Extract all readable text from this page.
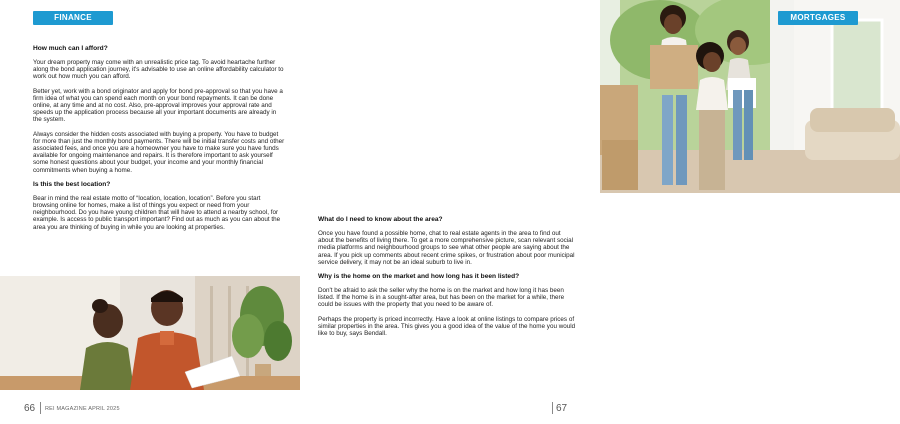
FINANCE
How much can I afford?

Your dream property may come with an unrealistic price tag. To avoid heartache further along the bond application journey, it's advisable to use an online affordability calculator to work out how much you can afford.

Better yet, work with a bond originator and apply for bond pre-approval so that you have a firm idea of what you can spend each month on your bond repayments. It can be done online, at any time and at no cost. Also, pre-approval improves your approval rate and speeds up the application process because all your important documents are already in the system.

Always consider the hidden costs associated with buying a property. You have to budget for more than just the monthly bond payments. There will be initial transfer costs and other associated fees, and once you are a homeowner you have to make sure you have funds available for ongoing maintenance and repairs. It is therefore important to ask yourself some honest questions about your budget, your income and your monthly financial commitments when buying a home.

Is this the best location?

Bear in mind the real estate motto of “location, location, location”. Before you start browsing online for homes, make a list of things you expect or need from your neighbourhood. Do you have young children that will have to attend a nearby school, for example. Is access to public transport important? Find out as much as you can about the area you are thinking of buying in while you are looking at properties.

66 REI MAGAZINE APRIL 2025
MORTGAGES
What do I need to know about the area?

Once you have found a possible home, chat to real estate agents in the area to find out about the benefits of living there. To get a more comprehensive picture, scan relevant social media platforms and neighbourhood groups to see what other people are saying about the area. If you pick up comments about recent crime spikes, or frustration about poor municipal service delivery, it may not be an ideal suburb to live in.

Why is the home on the market and how long has it been listed?

Don't be afraid to ask the seller why the home is on the market and how long it has been listed. If the home is in a sought-after area, but has been on the market for a while, there could be issues with the property that you need to be aware of.

Perhaps the property is priced incorrectly. Have a look at online listings to compare prices of similar properties in the area. This gives you a good idea of the value of the home you would like to buy, says Bendall.

67
